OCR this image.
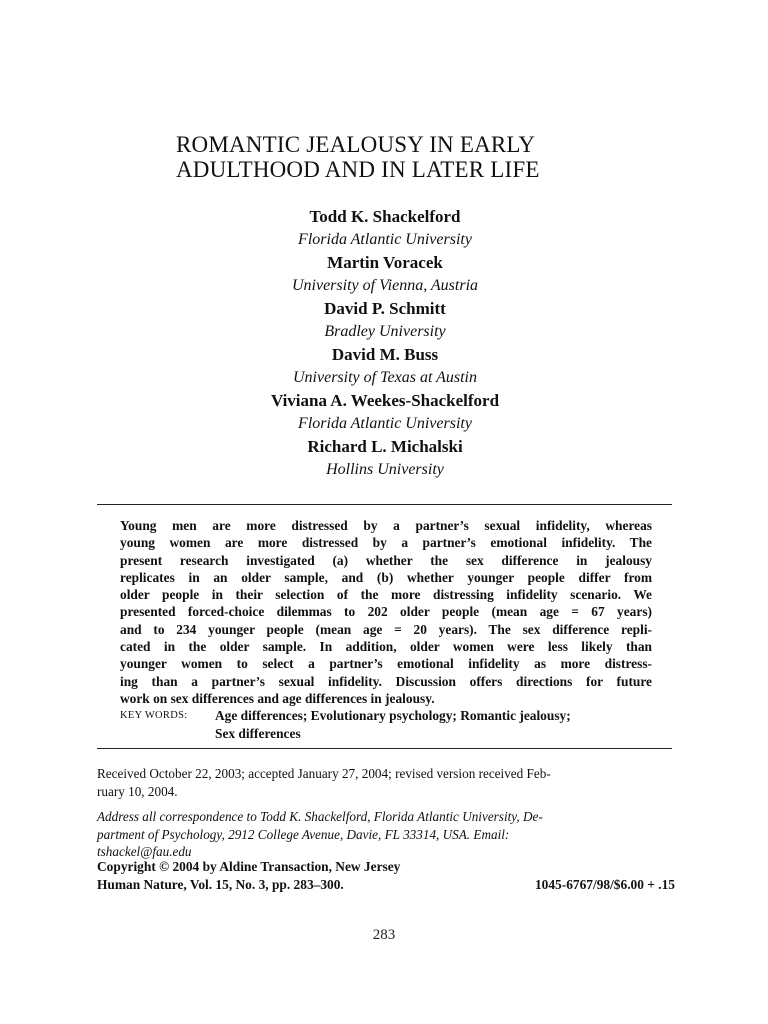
ROMANTIC JEALOUSY IN EARLY
ADULTHOOD AND IN LATER LIFE
Todd K. Shackelford
Florida Atlantic University
Martin Voracek
University of Vienna, Austria
David P. Schmitt
Bradley University
David M. Buss
University of Texas at Austin
Viviana A. Weekes-Shackelford
Florida Atlantic University
Richard L. Michalski
Hollins University
Young men are more distressed by a partner’s sexual infidelity, whereas
young women are more distressed by a partner’s emotional infidelity. The
present research investigated (a) whether the sex difference in jealousy
replicates in an older sample, and (b) whether younger people differ from
older people in their selection of the more distressing infidelity scenario. We
presented forced-choice dilemmas to 202 older people (mean age = 67 years)
and to 234 younger people (mean age = 20 years). The sex difference repli-
cated in the older sample. In addition, older women were less likely than
younger women to select a partner’s emotional infidelity as more distress-
ing than a partner’s sexual infidelity. Discussion offers directions for future
work on sex differences and age differences in jealousy.
KEY WORDS: Age differences; Evolutionary psychology; Romantic jealousy;
Sex differences
Received October 22, 2003; accepted January 27, 2004; revised version received Feb-
ruary 10, 2004.
Address all correspondence to Todd K. Shackelford, Florida Atlantic University, De-
partment of Psychology, 2912 College Avenue, Davie, FL 33314, USA. Email:
tshackel@fau.edu
Copyright © 2004 by Aldine Transaction, New Jersey
Human Nature, Vol. 15, No. 3, pp. 283–300.	1045-6767/98/$6.00 + .15
283
